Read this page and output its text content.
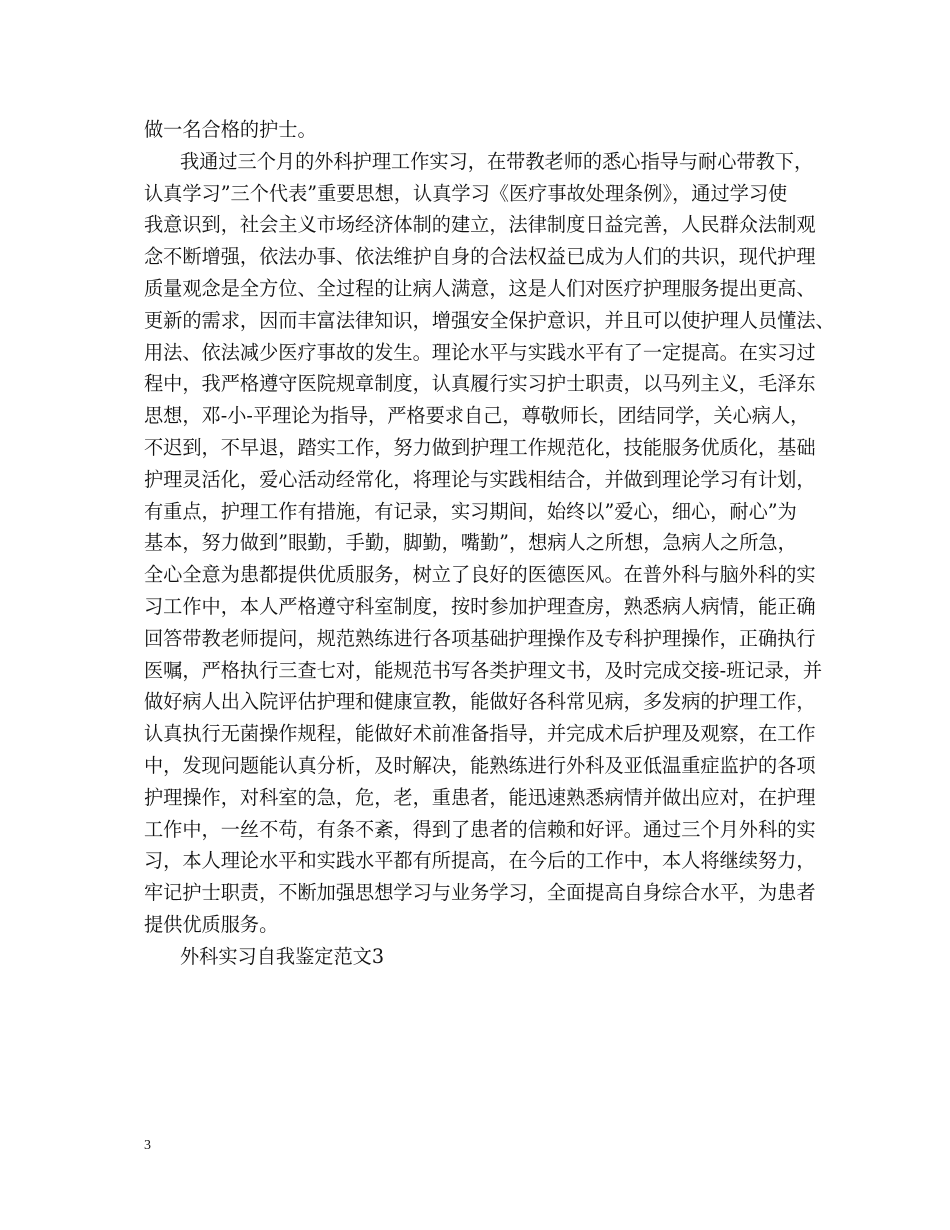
做一名合格的护士。
我通过三个月的外科护理工作实习，在带教老师的悉心指导与耐心带教下，
认真学习”三个代表”重要思想，认真学习《医疗事故处理条例》，通过学习使
我意识到，社会主义市场经济体制的建立，法律制度日益完善，人民群众法制观
念不断增强，依法办事、依法维护自身的合法权益已成为人们的共识，现代护理
质量观念是全方位、全过程的让病人满意，这是人们对医疗护理服务提出更高、
更新的需求，因而丰富法律知识，增强安全保护意识，并且可以使护理人员懂法、
用法、依法减少医疗事故的发生。理论水平与实践水平有了一定提高。在实习过
程中，我严格遵守医院规章制度，认真履行实习护士职责，以马列主义，毛泽东
思想，邓-小-平理论为指导，严格要求自己，尊敬师长，团结同学，关心病人，
不迟到，不早退，踏实工作，努力做到护理工作规范化，技能服务优质化，基础
护理灵活化，爱心活动经常化，将理论与实践相结合，并做到理论学习有计划，
有重点，护理工作有措施，有记录，实习期间，始终以”爱心，细心，耐心”为
基本，努力做到”眼勤，手勤，脚勤，嘴勤”，想病人之所想，急病人之所急，
全心全意为患都提供优质服务，树立了良好的医德医风。在普外科与脑外科的实
习工作中，本人严格遵守科室制度，按时参加护理查房，熟悉病人病情，能正确
回答带教老师提问，规范熟练进行各项基础护理操作及专科护理操作，正确执行
医嘱，严格执行三查七对，能规范书写各类护理文书，及时完成交接-班记录，并
做好病人出入院评估护理和健康宣教，能做好各科常见病，多发病的护理工作，
认真执行无菌操作规程，能做好术前准备指导，并完成术后护理及观察，在工作
中，发现问题能认真分析，及时解决，能熟练进行外科及亚低温重症监护的各项
护理操作，对科室的急，危，老，重患者，能迅速熟悉病情并做出应对，在护理
工作中，一丝不苟，有条不紊，得到了患者的信赖和好评。通过三个月外科的实
习，本人理论水平和实践水平都有所提高，在今后的工作中，本人将继续努力，
牢记护士职责，不断加强思想学习与业务学习，全面提高自身综合水平，为患者
提供优质服务。
外科实习自我鉴定范文3
3
